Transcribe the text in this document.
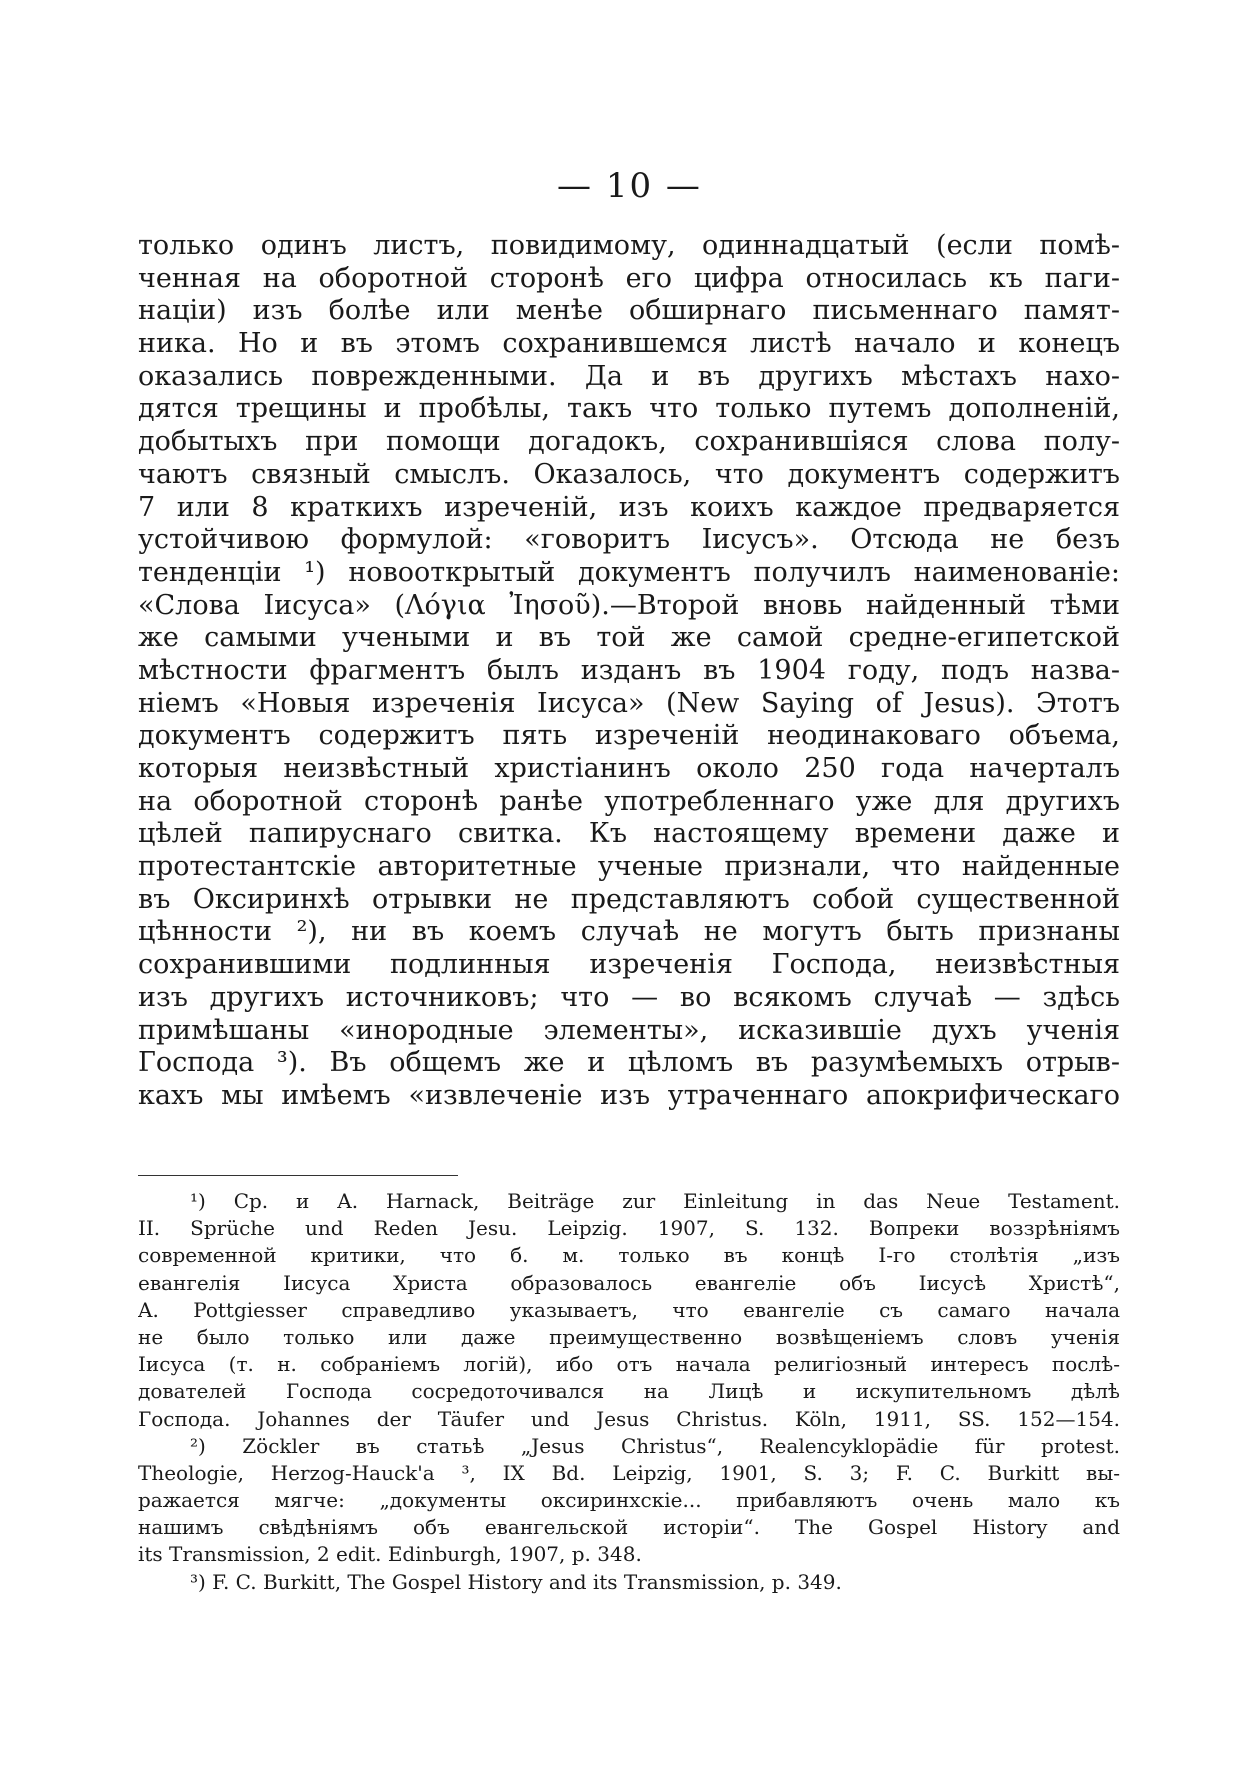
— 10 —
только одинъ листъ, повидимому, одиннадцатый (если помѣ-
ченная на оборотной сторонѣ его цифра относилась къ паги-
націи) изъ болѣе или менѣе обширнаго письменнаго памят-
ника. Но и въ этомъ сохранившемся листѣ начало и конецъ
оказались поврежденными. Да и въ другихъ мѣстахъ нахо-
дятся трещины и пробѣлы, такъ что только путемъ дополненій,
добытыхъ при помощи догадокъ, сохранившіяся слова полу-
чаютъ связный смыслъ. Оказалось, что документъ содержитъ
7 или 8 краткихъ изреченій, изъ коихъ каждое предваряется
устойчивою формулой: «говоритъ Іисусъ». Отсюда не безъ
тенденціи ¹) новооткрытый документъ получилъ наименованіе:
«Слова Іисуса» (Λόγια Ἰησοῦ).—Второй вновь найденный тѣми
же самыми учеными и въ той же самой средне-египетской
мѣстности фрагментъ былъ изданъ въ 1904 году, подъ назва-
ніемъ «Новыя изреченія Іисуса» (New Saying of Jesus). Этотъ
документъ содержитъ пять изреченій неодинаковаго объема,
которыя неизвѣстный христіанинъ около 250 года начерталъ
на оборотной сторонѣ ранѣе употребленнаго уже для другихъ
цѣлей папируснаго свитка. Къ настоящему времени даже и
протестантскіе авторитетные ученые признали, что найденные
въ Оксиринхѣ отрывки не представляютъ собой существенной
цѣнности ²), ни въ коемъ случаѣ не могутъ быть признаны
сохранившими подлинныя изреченія Господа, неизвѣстныя
изъ другихъ источниковъ; что — во всякомъ случаѣ — здѣсь
примѣшаны «инородные элементы», исказившіе духъ ученія
Господа ³). Въ общемъ же и цѣломъ въ разумѣемыхъ отрыв-
кахъ мы имѣемъ «извлеченіе изъ утраченнаго апокрифическаго
¹) Ср. и A. Harnack, Beiträge zur Einleitung in das Neue Testament.
II. Sprüche und Reden Jesu. Leipzig. 1907, S. 132. Вопреки воззрѣніямъ
современной критики, что б. м. только въ концѣ I-го столѣтія „изъ
евангелія Іисуса Христа образовалось евангеліе объ Іисусѣ Христѣ“,
A. Pottgiesser справедливо указываетъ, что евангеліе съ самаго начала
не было только или даже преимущественно возвѣщеніемъ словъ ученія
Іисуса (т. н. собраніемъ логій), ибо отъ начала религіозный интересъ послѣ-
дователей Господа сосредоточивался на Лицѣ и искупительномъ дѣлѣ
Господа. Johannes der Täufer und Jesus Christus. Köln, 1911, SS. 152—154.
²) Zöckler въ статьѣ „Jesus Christus“, Realencyklopädie für protest.
Theologie, Herzog-Hauck'a ³, IX Bd. Leipzig, 1901, S. 3; F. C. Burkitt вы-
ражается мягче: „документы оксиринхскіе... прибавляютъ очень мало къ
нашимъ свѣдѣніямъ объ евангельской исторіи“. The Gospel History and
its Transmission, 2 edit. Edinburgh, 1907, p. 348.
³) F. C. Burkitt, The Gospel History and its Transmission, p. 349.
